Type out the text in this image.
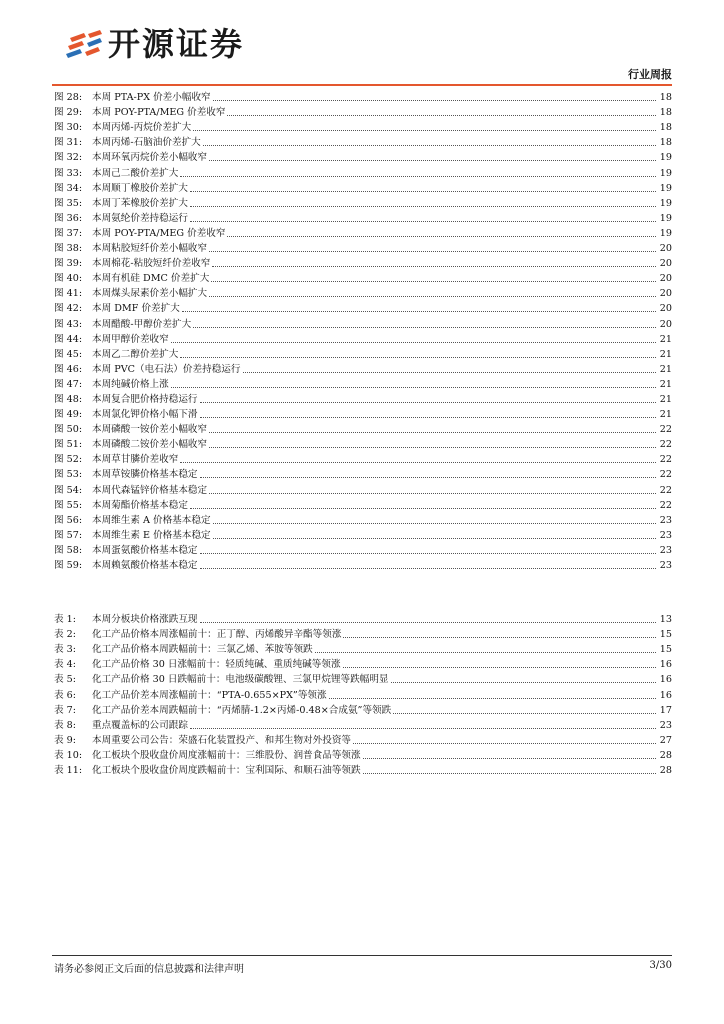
开源证券
行业周报
图 28:	本周 PTA-PX 价差小幅收窄	18
图 29:	本周 POY-PTA/MEG 价差收窄	18
图 30:	本周丙烯-丙烷价差扩大	18
图 31:	本周丙烯-石脑油价差扩大	18
图 32:	本周环氧丙烷价差小幅收窄	19
图 33:	本周己二酸价差扩大	19
图 34:	本周顺丁橡胶价差扩大	19
图 35:	本周丁苯橡胶价差扩大	19
图 36:	本周氨纶价差持稳运行	19
图 37:	本周 POY-PTA/MEG 价差收窄	19
图 38:	本周粘胶短纤价差小幅收窄	20
图 39:	本周棉花-粘胶短纤价差收窄	20
图 40:	本周有机硅 DMC 价差扩大	20
图 41:	本周煤头尿素价差小幅扩大	20
图 42:	本周 DMF 价差扩大	20
图 43:	本周醋酸-甲醇价差扩大	20
图 44:	本周甲醇价差收窄	21
图 45:	本周乙二醇价差扩大	21
图 46:	本周 PVC（电石法）价差持稳运行	21
图 47:	本周纯碱价格上涨	21
图 48:	本周复合肥价格持稳运行	21
图 49:	本周氯化钾价格小幅下滑	21
图 50:	本周磷酸一铵价差小幅收窄	22
图 51:	本周磷酸二铵价差小幅收窄	22
图 52:	本周草甘膦价差收窄	22
图 53:	本周草铵膦价格基本稳定	22
图 54:	本周代森锰锌价格基本稳定	22
图 55:	本周菊酯价格基本稳定	22
图 56:	本周维生素 A 价格基本稳定	23
图 57:	本周维生素 E 价格基本稳定	23
图 58:	本周蛋氨酸价格基本稳定	23
图 59:	本周赖氨酸价格基本稳定	23
表 1:	本周分板块价格涨跌互现	13
表 2:	化工产品价格本周涨幅前十：正丁醇、丙烯酸异辛酯等领涨	15
表 3:	化工产品价格本周跌幅前十：三氯乙烯、苯胺等领跌	15
表 4:	化工产品价格 30 日涨幅前十：轻质纯碱、重质纯碱等领涨	16
表 5:	化工产品价格 30 日跌幅前十：电池级碳酸锂、三氯甲烷锂等跌幅明显	16
表 6:	化工产品价差本周涨幅前十：“PTA-0.655×PX”等领涨	16
表 7:	化工产品价差本周跌幅前十：“丙烯腈-1.2×丙烯-0.48×合成氨”等领跌	17
表 8:	重点覆盖标的公司跟踪	23
表 9:	本周重要公司公告：荣盛石化装置投产、和邦生物对外投资等	27
表 10:	化工板块个股收盘价周度涨幅前十：三维股份、润普食品等领涨	28
表 11:	化工板块个股收盘价周度跌幅前十：宝利国际、和顺石油等领跌	28
请务必参阅正文后面的信息披露和法律声明	3/30
